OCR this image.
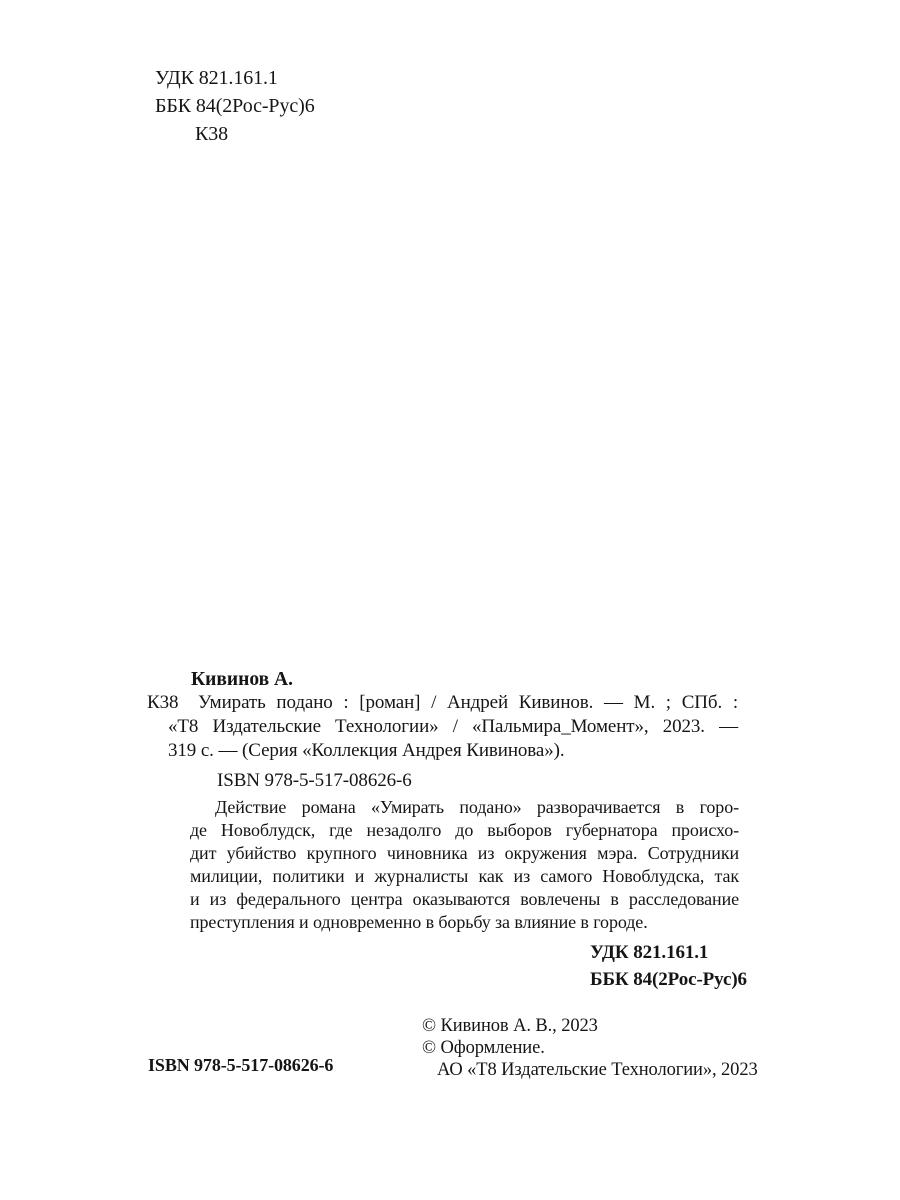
УДК 821.161.1
ББК 84(2Рос-Рус)6
К38
Кивинов А.
К38 Умирать подано : [роман] / Андрей Кивинов. — М. ; СПб. :
«Т8 Издательские Технологии» / «Пальмира_Момент», 2023. —
319 с. — (Серия «Коллекция Андрея Кивинова»).
ISBN 978-5-517-08626-6
Действие романа «Умирать подано» разворачивается в горо-
де Новоблудск, где незадолго до выборов губернатора происхо-
дит убийство крупного чиновника из окружения мэра. Сотрудники
милиции, политики и журналисты как из самого Новоблудска, так
и из федерального центра оказываются вовлечены в расследование
преступления и одновременно в борьбу за влияние в городе.
УДК 821.161.1
ББК 84(2Рос-Рус)6
© Кивинов А. В., 2023
© Оформление.
АО «Т8 Издательские Технологии», 2023
ISBN 978-5-517-08626-6
